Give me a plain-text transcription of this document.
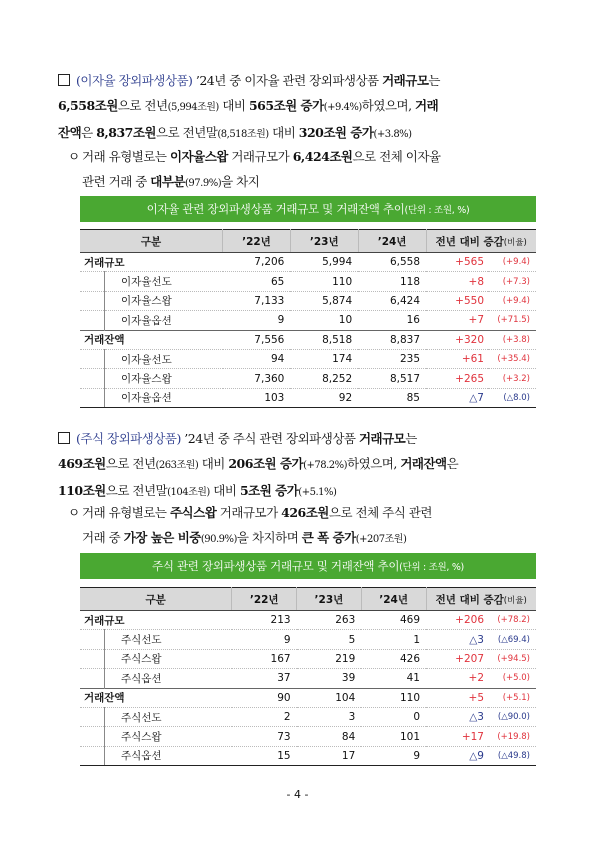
(이자율 장외파생상품) ’24년 중 이자율 관련 장외파생상품 거래규모는
6,558조원으로 전년(5,994조원) 대비 565조원 증가(+9.4%)하였으며, 거래
잔액은 8,837조원으로 전년말(8,518조원) 대비 320조원 증가(+3.8%)
ㅇ 거래 유형별로는 이자율스왑 거래규모가 6,424조원으로 전체 이자율
관련 거래 중 대부분(97.9%)을 차지
이자율 관련 장외파생상품 거래규모 및 거래잔액 추이(단위 : 조원, %)
구분		’22년	’23년	’24년	전년 대비 증감(비율)	
거래규모		7,206	5,994	6,558	+565	(+9.4)
	이자율선도	65	110	118	+8	(+7.3)
	이자율스왑	7,133	5,874	6,424	+550	(+9.4)
	이자율옵션	9	10	16	+7	(+71.5)
거래잔액		7,556	8,518	8,837	+320	(+3.8)
	이자율선도	94	174	235	+61	(+35.4)
	이자율스왑	7,360	8,252	8,517	+265	(+3.2)
	이자율옵션	103	92	85	△7	(△8.0)
(주식 장외파생상품) ’24년 중 주식 관련 장외파생상품 거래규모는
469조원으로 전년(263조원) 대비 206조원 증가(+78.2%)하였으며, 거래잔액은
110조원으로 전년말(104조원) 대비 5조원 증가(+5.1%)
ㅇ 거래 유형별로는 주식스왑 거래규모가 426조원으로 전체 주식 관련
거래 중 가장 높은 비중(90.9%)을 차지하며 큰 폭 증가(+207조원)
주식 관련 장외파생상품 거래규모 및 거래잔액 추이(단위 : 조원, %)
구분		’22년	’23년	’24년	전년 대비 증감(비율)	
거래규모		213	263	469	+206	(+78.2)
	주식선도	9	5	1	△3	(△69.4)
	주식스왑	167	219	426	+207	(+94.5)
	주식옵션	37	39	41	+2	(+5.0)
거래잔액		90	104	110	+5	(+5.1)
	주식선도	2	3	0	△3	(△90.0)
	주식스왑	73	84	101	+17	(+19.8)
	주식옵션	15	17	9	△9	(△49.8)
- 4 -
